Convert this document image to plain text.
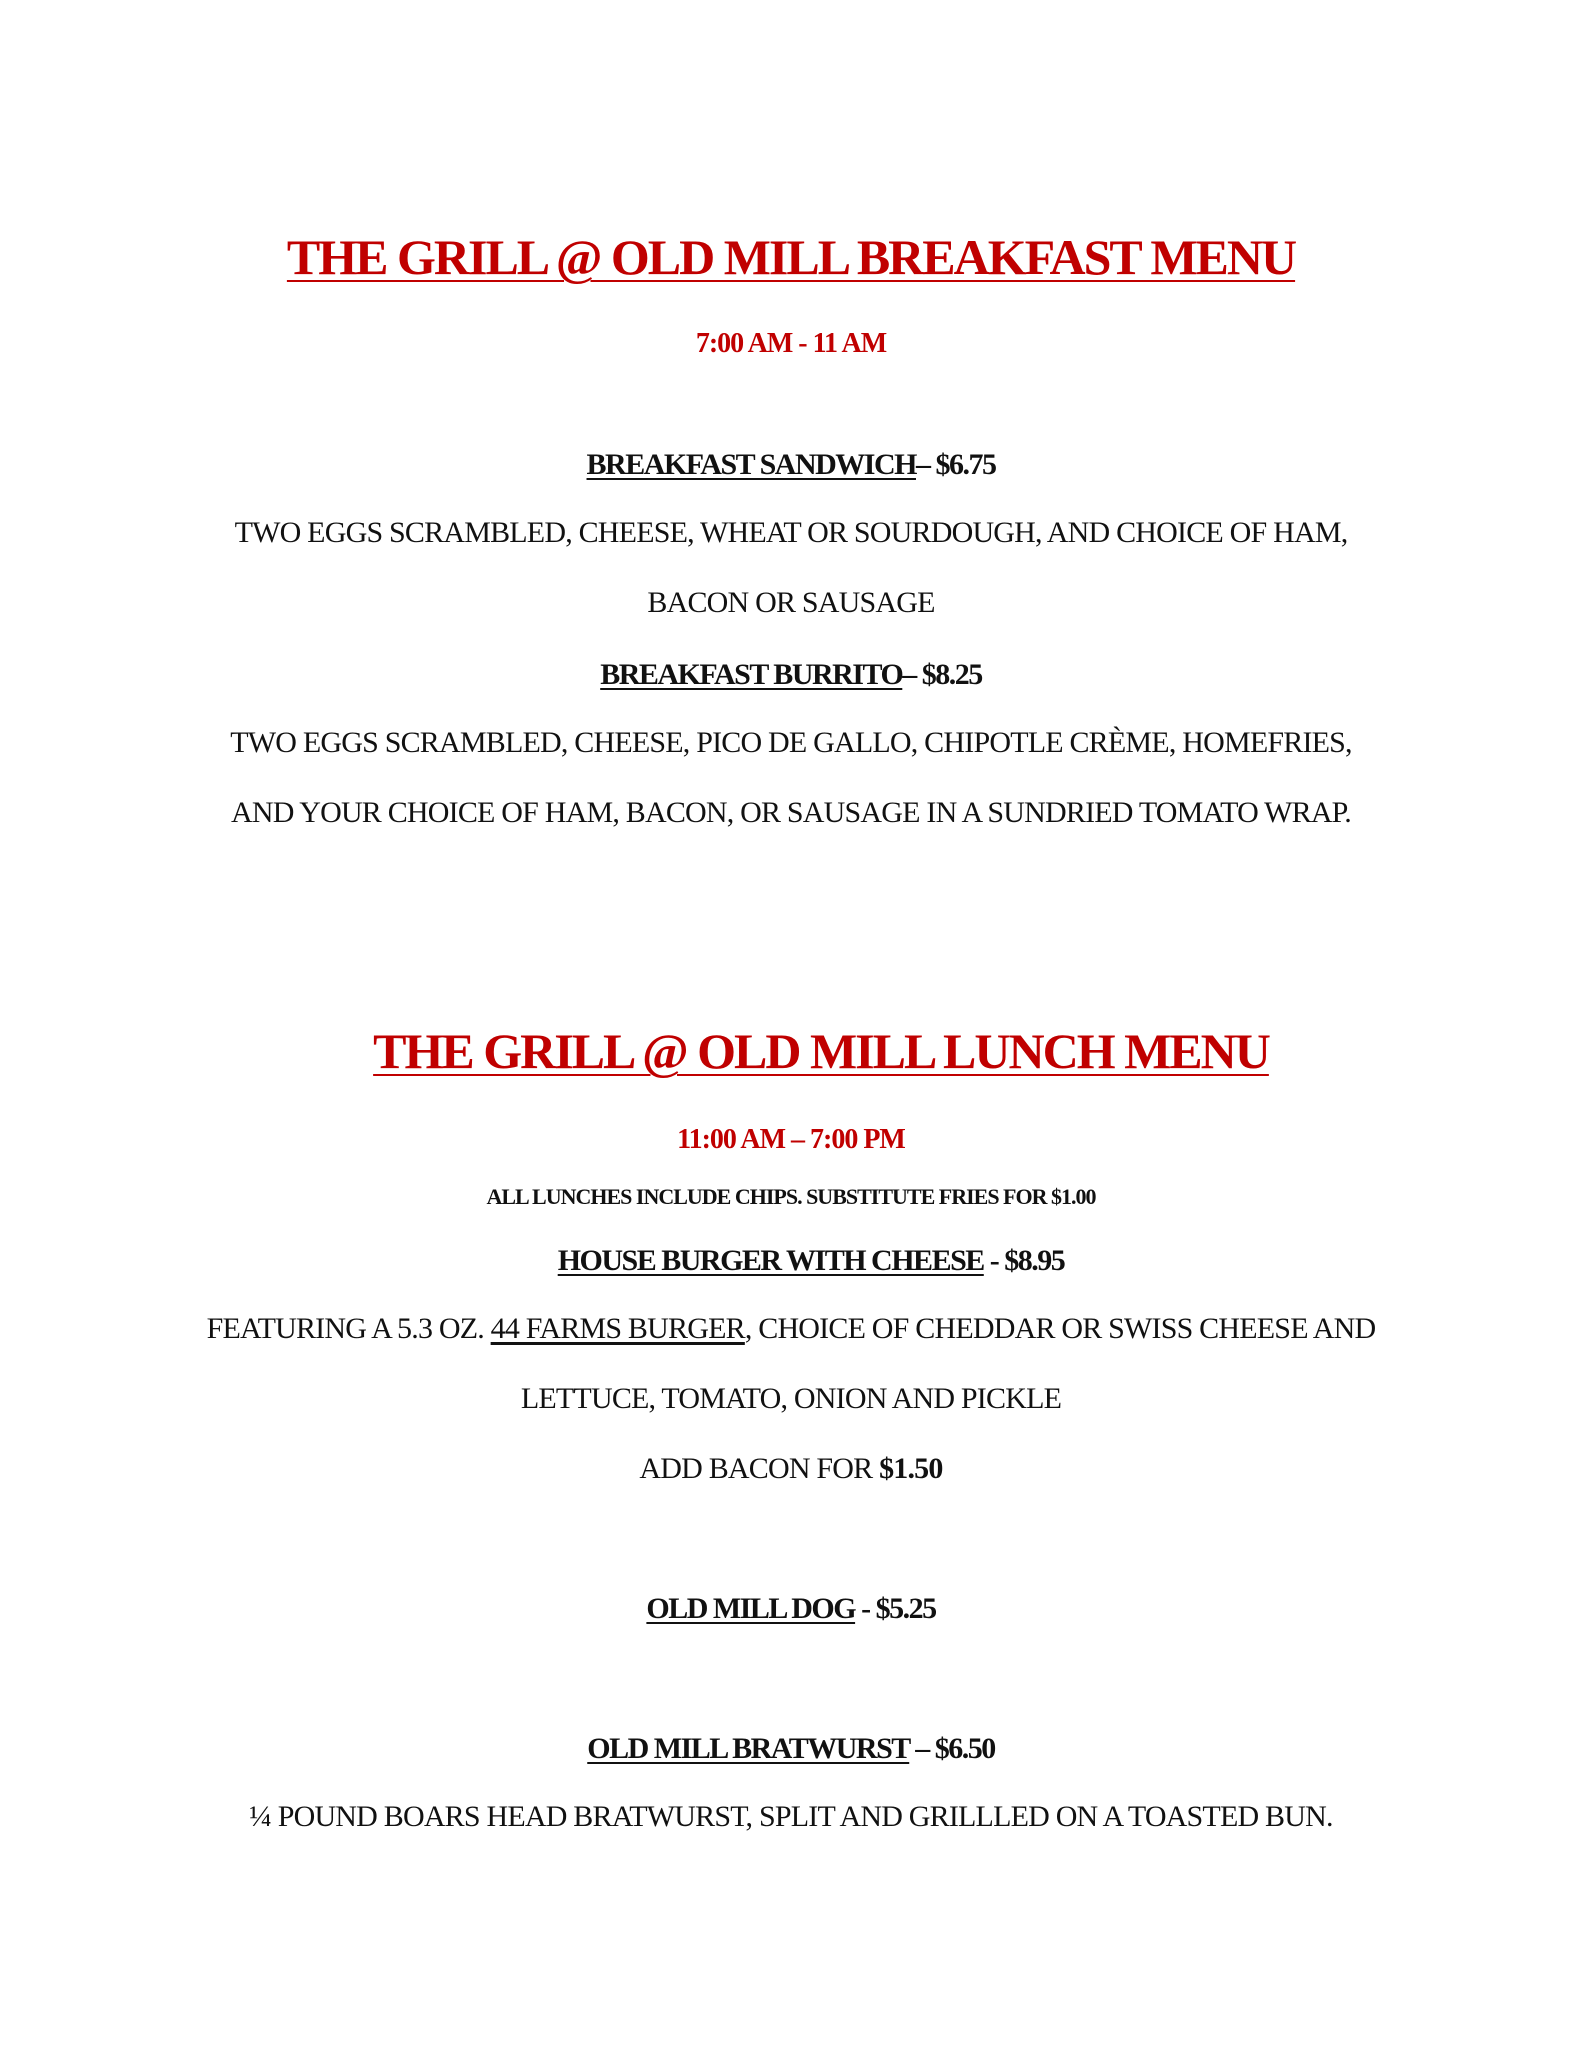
THE GRILL @ OLD MILL BREAKFAST MENU
7:00 AM - 11 AM
BREAKFAST SANDWICH– $6.75
TWO EGGS SCRAMBLED, CHEESE, WHEAT OR SOURDOUGH, AND CHOICE OF HAM,
BACON OR SAUSAGE
BREAKFAST BURRITO– $8.25
TWO EGGS SCRAMBLED, CHEESE, PICO DE GALLO, CHIPOTLE CRÈME, HOMEFRIES,
AND YOUR CHOICE OF HAM, BACON, OR SAUSAGE IN A SUNDRIED TOMATO WRAP.
THE GRILL @ OLD MILL LUNCH MENU
11:00 AM – 7:00 PM
ALL LUNCHES INCLUDE CHIPS. SUBSTITUTE FRIES FOR $1.00
HOUSE BURGER WITH CHEESE - $8.95
FEATURING A 5.3 OZ. 44 FARMS BURGER, CHOICE OF CHEDDAR OR SWISS CHEESE AND
LETTUCE, TOMATO, ONION AND PICKLE
ADD BACON FOR $1.50
OLD MILL DOG - $5.25
OLD MILL BRATWURST – $6.50
¼ POUND BOARS HEAD BRATWURST, SPLIT AND GRILLLED ON A TOASTED BUN.
